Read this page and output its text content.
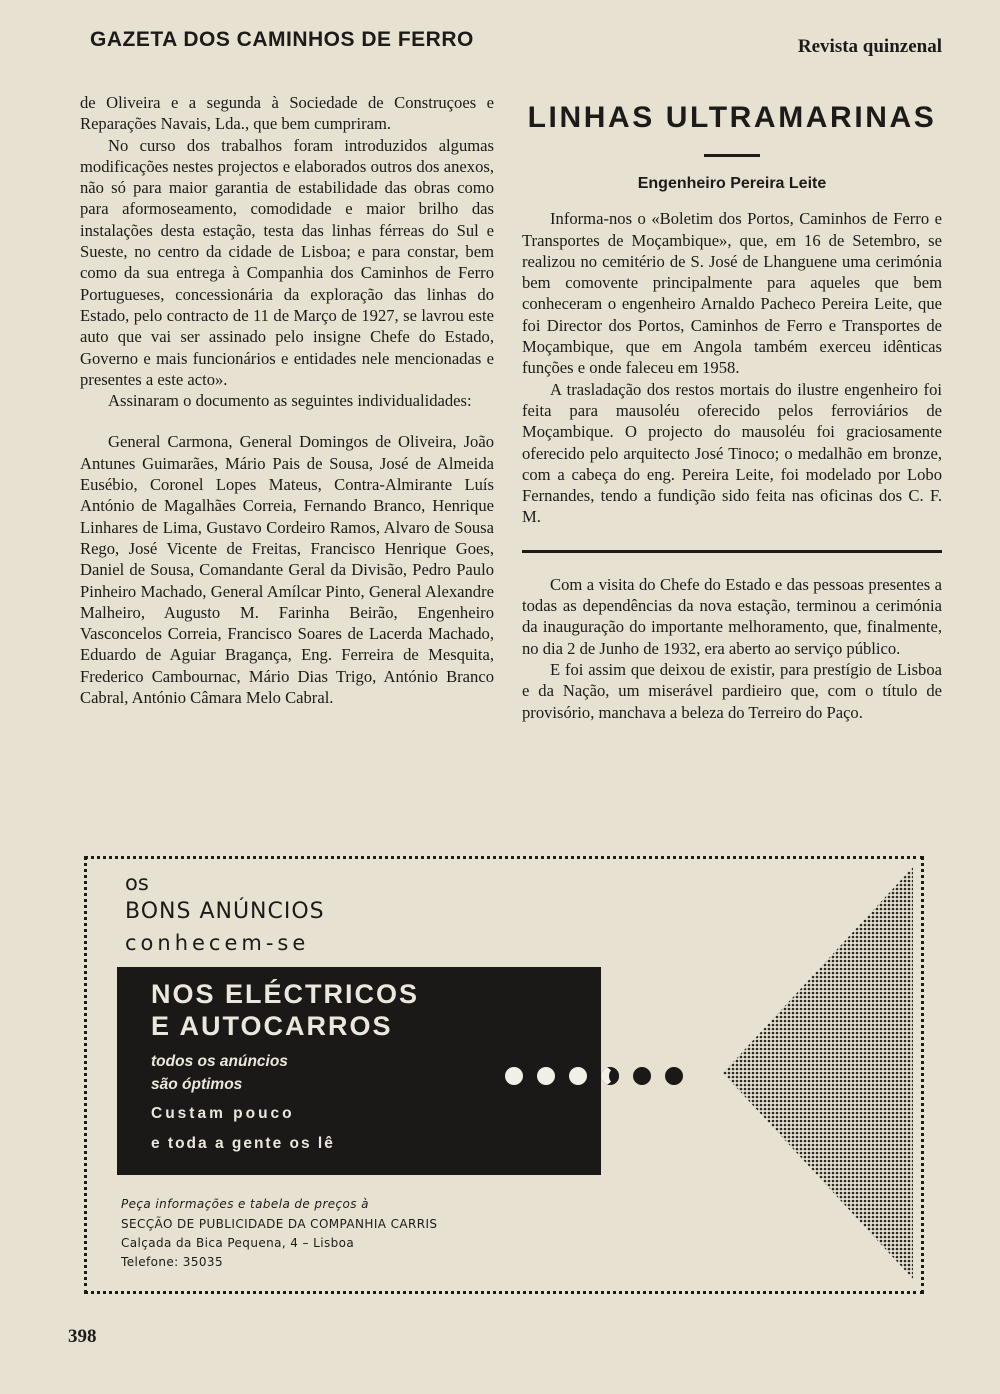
GAZETA DOS CAMINHOS DE FERRO	Revista quinzenal

de Oliveira e a segunda à Sociedade de Construçoes e Reparações Navais, Lda., que bem cumpriram.

No curso dos trabalhos foram introduzidos algumas modificações nestes projectos e elaborados outros dos anexos, não só para maior garantia de estabilidade das obras como para aformoseamento, comodidade e maior brilho das instalações desta estação, testa das linhas férreas do Sul e Sueste, no centro da cidade de Lisboa; e para constar, bem como da sua entrega à Companhia dos Caminhos de Ferro Portugueses, concessionária da exploração das linhas do Estado, pelo contracto de 11 de Março de 1927, se lavrou este auto que vai ser assinado pelo insigne Chefe do Estado, Governo e mais funcionários e entidades nele mencionadas e presentes a este acto».

Assinaram o documento as seguintes individualidades:

General Carmona, General Domingos de Oliveira, João Antunes Guimarães, Mário Pais de Sousa, José de Almeida Eusébio, Coronel Lopes Mateus, Contra-Almirante Luís António de Magalhães Correia, Fernando Branco, Henrique Linhares de Lima, Gustavo Cordeiro Ramos, Alvaro de Sousa Rego, José Vicente de Freitas, Francisco Henrique Goes, Daniel de Sousa, Comandante Geral da Divisão, Pedro Paulo Pinheiro Machado, General Amílcar Pinto, General Alexandre Malheiro, Augusto M. Farinha Beirão, Engenheiro Vasconcelos Correia, Francisco Soares de Lacerda Machado, Eduardo de Aguiar Bragança, Eng. Ferreira de Mesquita, Frederico Cambournac, Mário Dias Trigo, António Branco Cabral, António Câmara Melo Cabral.

LINHAS ULTRAMARINAS

Engenheiro Pereira Leite

Informa-nos o «Boletim dos Portos, Caminhos de Ferro e Transportes de Moçambique», que, em 16 de Setembro, se realizou no cemitério de S. José de Lhanguene uma cerimónia bem comovente principalmente para aqueles que bem conheceram o engenheiro Arnaldo Pacheco Pereira Leite, que foi Director dos Portos, Caminhos de Ferro e Transportes de Moçambique, que em Angola também exerceu idênticas funções e onde faleceu em 1958.

A trasladação dos restos mortais do ilustre engenheiro foi feita para mausoléu oferecido pelos ferroviários de Moçambique. O projecto do mausoléu foi graciosamente oferecido pelo arquitecto José Tinoco; o medalhão em bronze, com a cabeça do eng. Pereira Leite, foi modelado por Lobo Fernandes, tendo a fundição sido feita nas oficinas dos C. F. M.

Com a visita do Chefe do Estado e das pessoas presentes a todas as dependências da nova estação, terminou a cerimónia da inauguração do importante melhoramento, que, finalmente, no dia 2 de Junho de 1932, era aberto ao serviço público.

E foi assim que deixou de existir, para prestígio de Lisboa e da Nação, um miserável pardieiro que, com o título de provisório, manchava a beleza do Terreiro do Paço.

os
BONS ANÚNCIOS
conhecem-se
NOS ELÉCTRICOS
E AUTOCARROS
todos os anúncios
são óptimos
Custam pouco
e toda a gente os lê
Peça informações e tabela de preços à
SECÇÃO DE PUBLICIDADE DA COMPANHIA CARRIS
Calçada da Bica Pequena, 4 – Lisboa
Telefone: 35035
398
